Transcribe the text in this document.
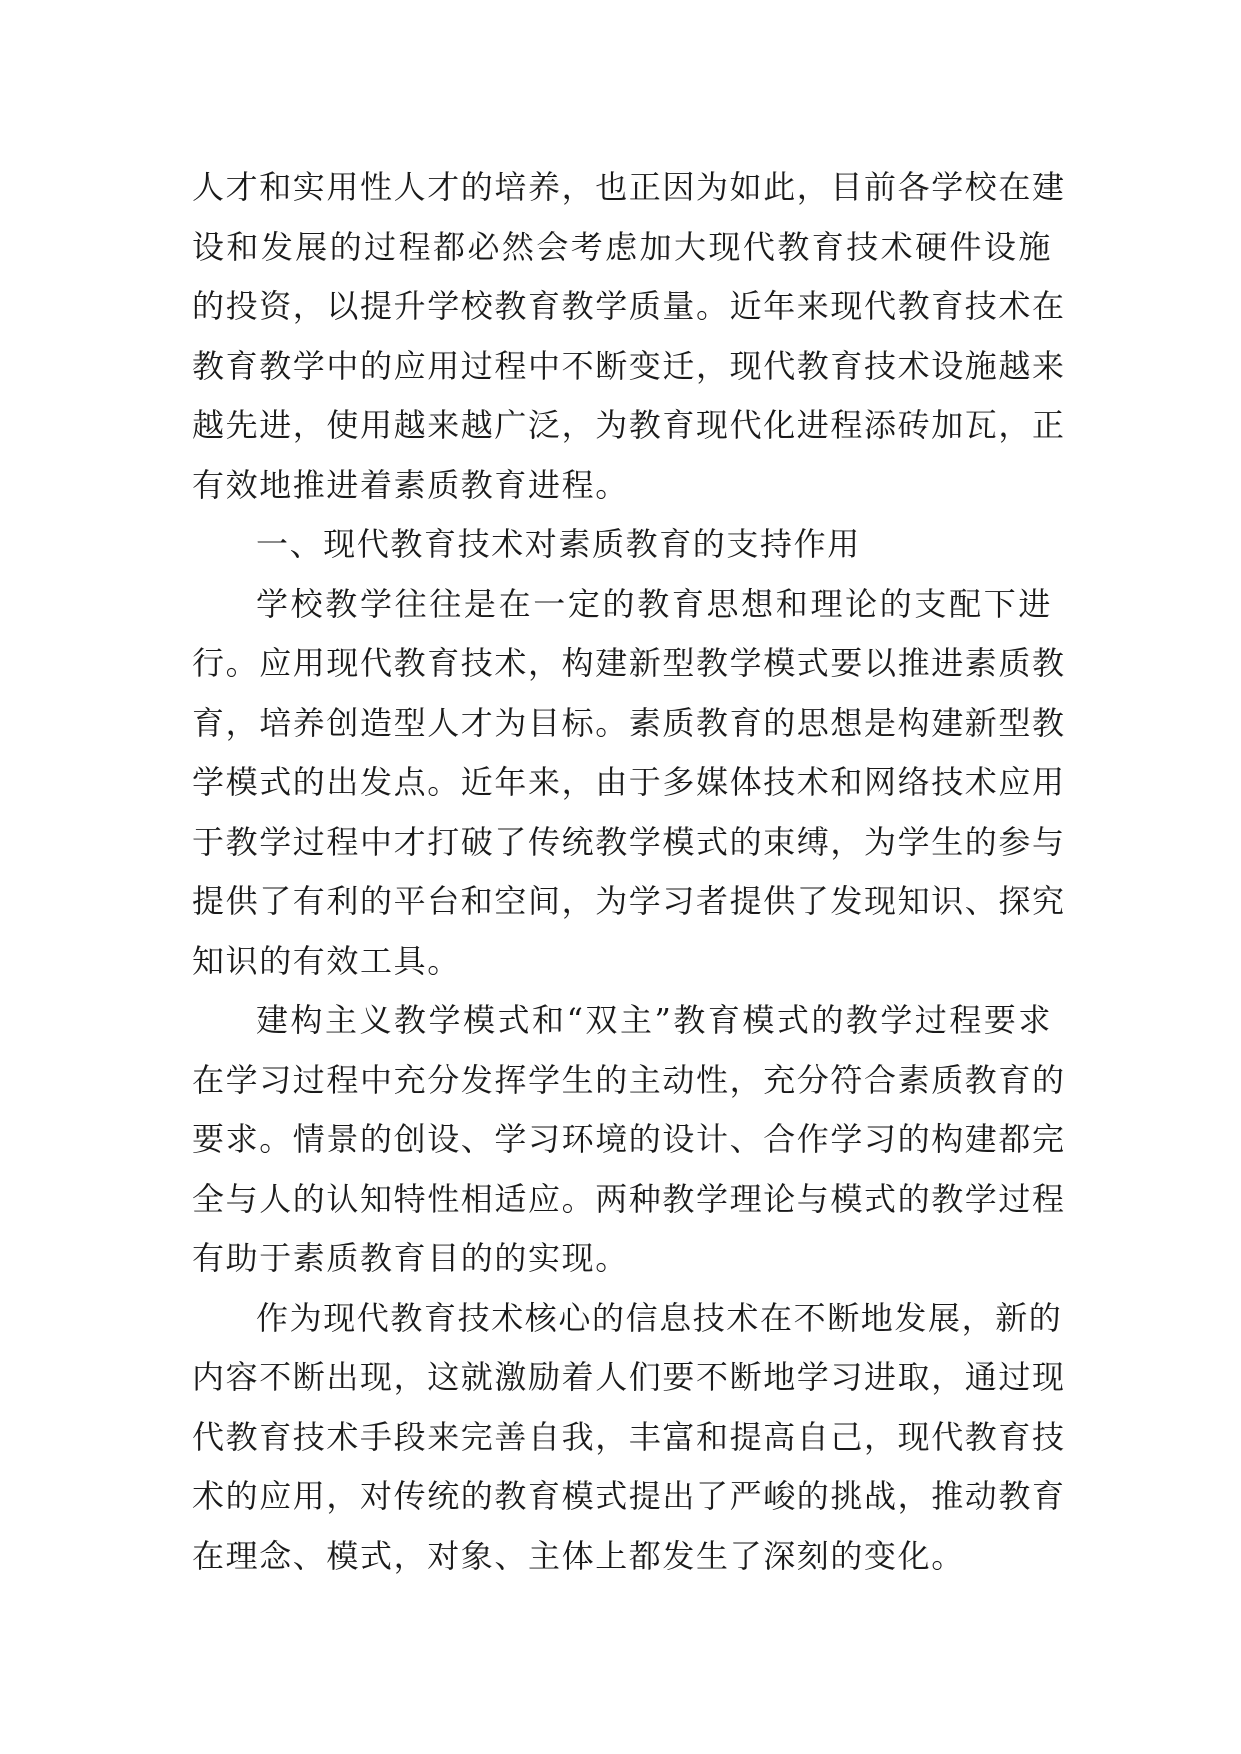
人才和实用性人才的培养，也正因为如此，目前各学校在建
设和发展的过程都必然会考虑加大现代教育技术硬件设施
的投资，以提升学校教育教学质量。近年来现代教育技术在
教育教学中的应用过程中不断变迁，现代教育技术设施越来
越先进，使用越来越广泛，为教育现代化进程添砖加瓦，正
有效地推进着素质教育进程。
一、现代教育技术对素质教育的支持作用
学校教学往往是在一定的教育思想和理论的支配下进
行。应用现代教育技术，构建新型教学模式要以推进素质教
育，培养创造型人才为目标。素质教育的思想是构建新型教
学模式的出发点。近年来，由于多媒体技术和网络技术应用
于教学过程中才打破了传统教学模式的束缚，为学生的参与
提供了有利的平台和空间，为学习者提供了发现知识、探究
知识的有效工具。
建构主义教学模式和“双主”教育模式的教学过程要求
在学习过程中充分发挥学生的主动性，充分符合素质教育的
要求。情景的创设、学习环境的设计、合作学习的构建都完
全与人的认知特性相适应。两种教学理论与模式的教学过程
有助于素质教育目的的实现。
作为现代教育技术核心的信息技术在不断地发展，新的
内容不断出现，这就激励着人们要不断地学习进取，通过现
代教育技术手段来完善自我，丰富和提高自己，现代教育技
术的应用，对传统的教育模式提出了严峻的挑战，推动教育
在理念、模式，对象、主体上都发生了深刻的变化。
